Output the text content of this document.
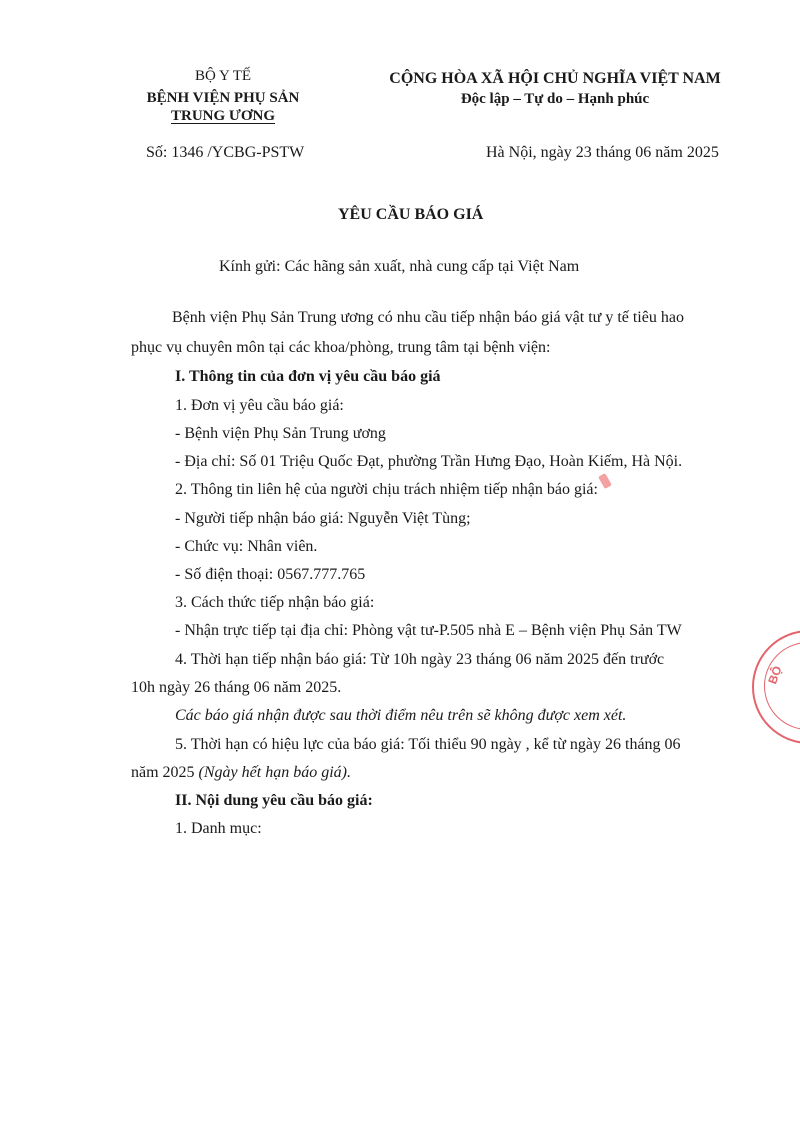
BỘ Y TẾ
BỆNH VIỆN PHỤ SẢN
TRUNG ƯƠNG
CỘNG HÒA XÃ HỘI CHỦ NGHĨA VIỆT NAM
Độc lập – Tự do – Hạnh phúc
Số: 1346 /YCBG-PSTW	Hà Nội, ngày 23 tháng 06 năm 2025
YÊU CẦU BÁO GIÁ
Kính gửi: Các hãng sản xuất, nhà cung cấp tại Việt Nam
Bệnh viện Phụ Sản Trung ương có nhu cầu tiếp nhận báo giá vật tư y tế tiêu hao
phục vụ chuyên môn tại các khoa/phòng, trung tâm tại bệnh viện:
I. Thông tin của đơn vị yêu cầu báo giá
1. Đơn vị yêu cầu báo giá:
- Bệnh viện Phụ Sản Trung ương
- Địa chỉ: Số 01 Triệu Quốc Đạt, phường Trần Hưng Đạo, Hoàn Kiếm, Hà Nội.
2. Thông tin liên hệ của người chịu trách nhiệm tiếp nhận báo giá:
- Người tiếp nhận báo giá: Nguyễn Việt Tùng;
- Chức vụ: Nhân viên.
- Số điện thoại: 0567.777.765
3. Cách thức tiếp nhận báo giá:
- Nhận trực tiếp tại địa chỉ: Phòng vật tư-P.505 nhà E – Bệnh viện Phụ Sản TW
4. Thời hạn tiếp nhận báo giá: Từ 10h ngày 23 tháng 06 năm 2025 đến trước
10h ngày 26 tháng 06 năm 2025.
Các báo giá nhận được sau thời điểm nêu trên sẽ không được xem xét.
5. Thời hạn có hiệu lực của báo giá: Tối thiểu 90 ngày , kể từ ngày 26 tháng 06
năm 2025 (Ngày hết hạn báo giá).
II. Nội dung yêu cầu báo giá:
1. Danh mục:
BỘ
